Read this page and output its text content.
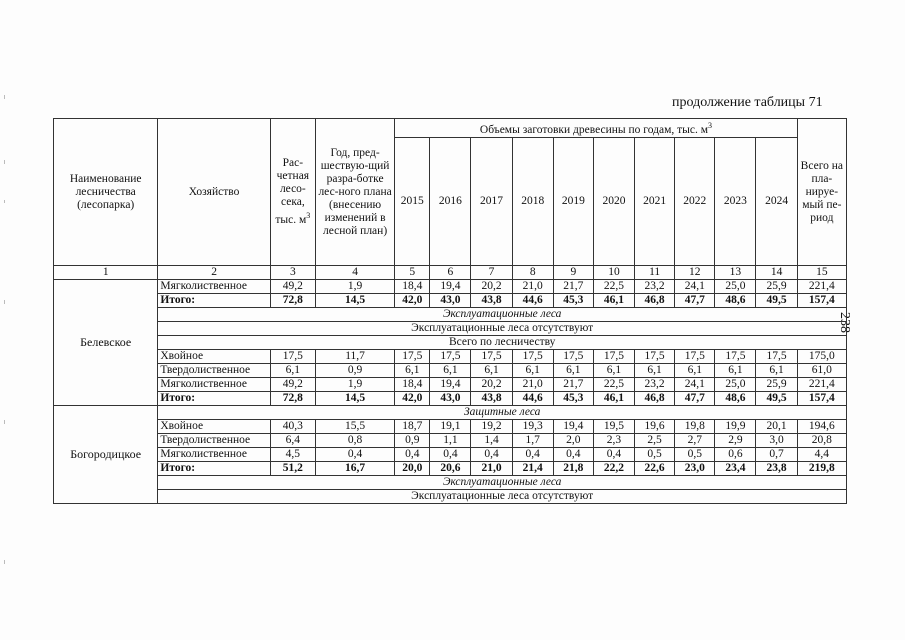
продолжение таблицы 71
238
Наименование лесничества (лесопарка)	Хозяйство	Рас-четная лесо-сека, тыс. $м^3$	Год, пред-шествую-щий разра-ботке лес-ного плана (внесению изменений в лесной план)	Объемы заготовки древесины по годам, тыс. $м^3$										Всего на пла-нируе-мый пе-риод
				2015	2016	2017	2018	2019	2020	2021	2022	2023	2024	
1	2	3	4	5	6	7	8	9	10	11	12	13	14	15
Белевское	Мягколиственное	49,2	1,9	18,4	19,4	20,2	21,0	21,7	22,5	23,2	24,1	25,0	25,9	221,4
	Итого:	72,8	14,5	42,0	43,0	43,8	44,6	45,3	46,1	46,8	47,7	48,6	49,5	157,4
	Эксплуатационные леса													
	Эксплуатационные леса отсутствуют													
	Всего по лесничеству													
	Хвойное	17,5	11,7	17,5	17,5	17,5	17,5	17,5	17,5	17,5	17,5	17,5	17,5	175,0
	Твердолиственное	6,1	0,9	6,1	6,1	6,1	6,1	6,1	6,1	6,1	6,1	6,1	6,1	61,0
	Мягколиственное	49,2	1,9	18,4	19,4	20,2	21,0	21,7	22,5	23,2	24,1	25,0	25,9	221,4
	Итого:	72,8	14,5	42,0	43,0	43,8	44,6	45,3	46,1	46,8	47,7	48,6	49,5	157,4
Богородицкое	Защитные леса													
	Хвойное	40,3	15,5	18,7	19,1	19,2	19,3	19,4	19,5	19,6	19,8	19,9	20,1	194,6
	Твердолиственное	6,4	0,8	0,9	1,1	1,4	1,7	2,0	2,3	2,5	2,7	2,9	3,0	20,8
	Мягколиственное	4,5	0,4	0,4	0,4	0,4	0,4	0,4	0,4	0,5	0,5	0,6	0,7	4,4
	Итого:	51,2	16,7	20,0	20,6	21,0	21,4	21,8	22,2	22,6	23,0	23,4	23,8	219,8
	Эксплуатационные леса													
	Эксплуатационные леса отсутствуют													
